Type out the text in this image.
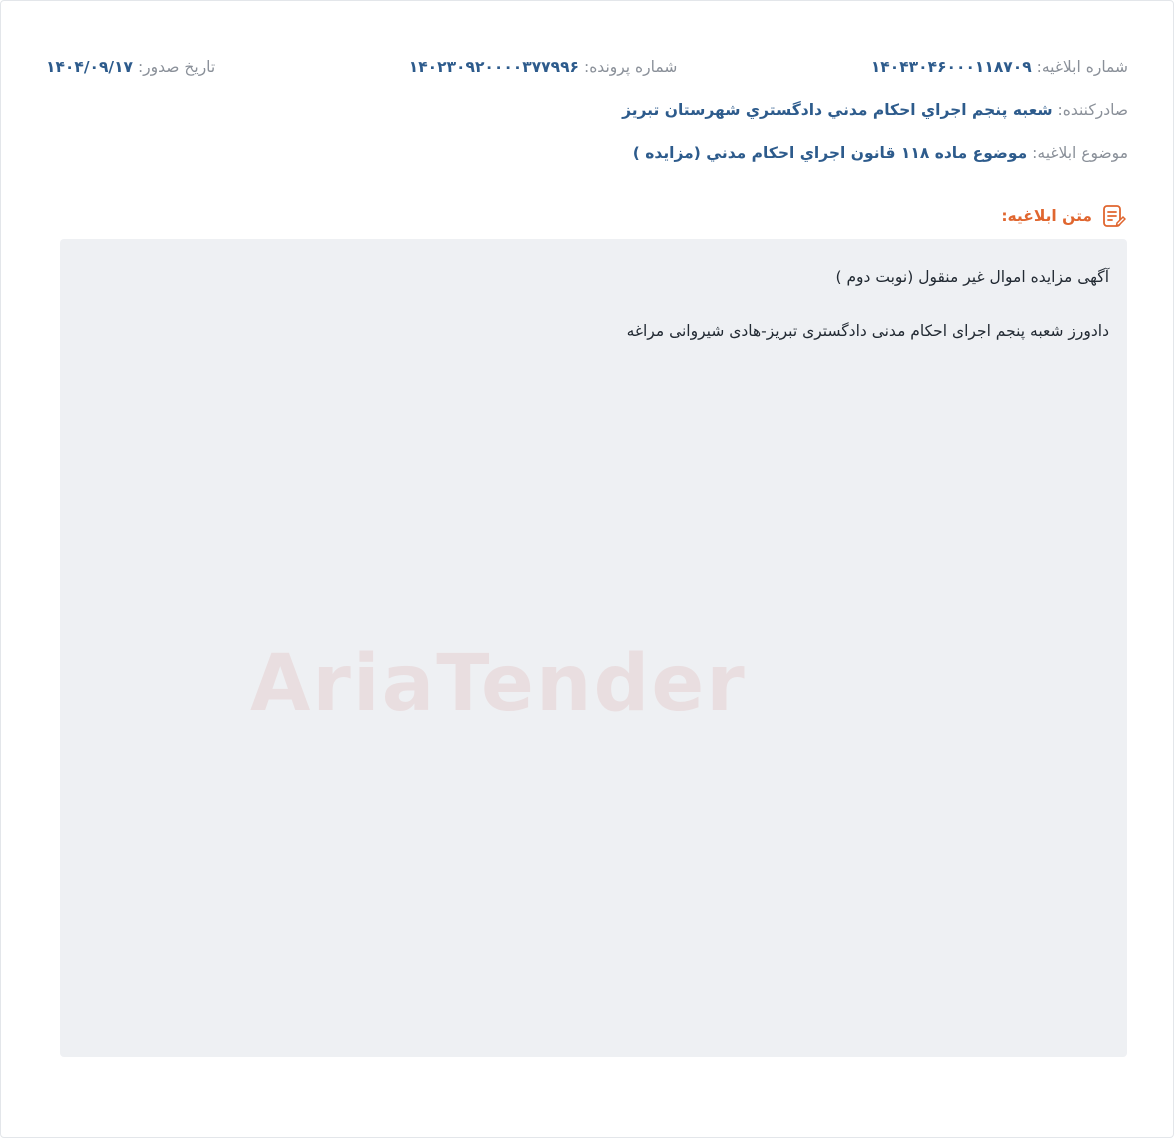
شماره ابلاغيه: ۱۴۰۴۳۰۴۶۰۰۰۱۱۸۷۰۹
شماره پرونده: ۱۴۰۲۳۰۹۲۰۰۰۰۳۷۷۹۹۶
تاريخ صدور: ۱۴۰۴/۰۹/۱۷
صادرکننده: شعبه پنجم اجراي احكام مدني دادگستري شهرستان تبريز
موضوع ابلاغيه: موضوع ماده ۱۱۸ قانون اجراي احكام مدني (مزايده )
متن ابلاغيه:
AriaTender

آگهی مزایده اموال غیر منقول (نوبت دوم )

دادورز شعبه پنجم اجرای احکام مدنی دادگستری تبریز-هادی شیروانی مراغه
